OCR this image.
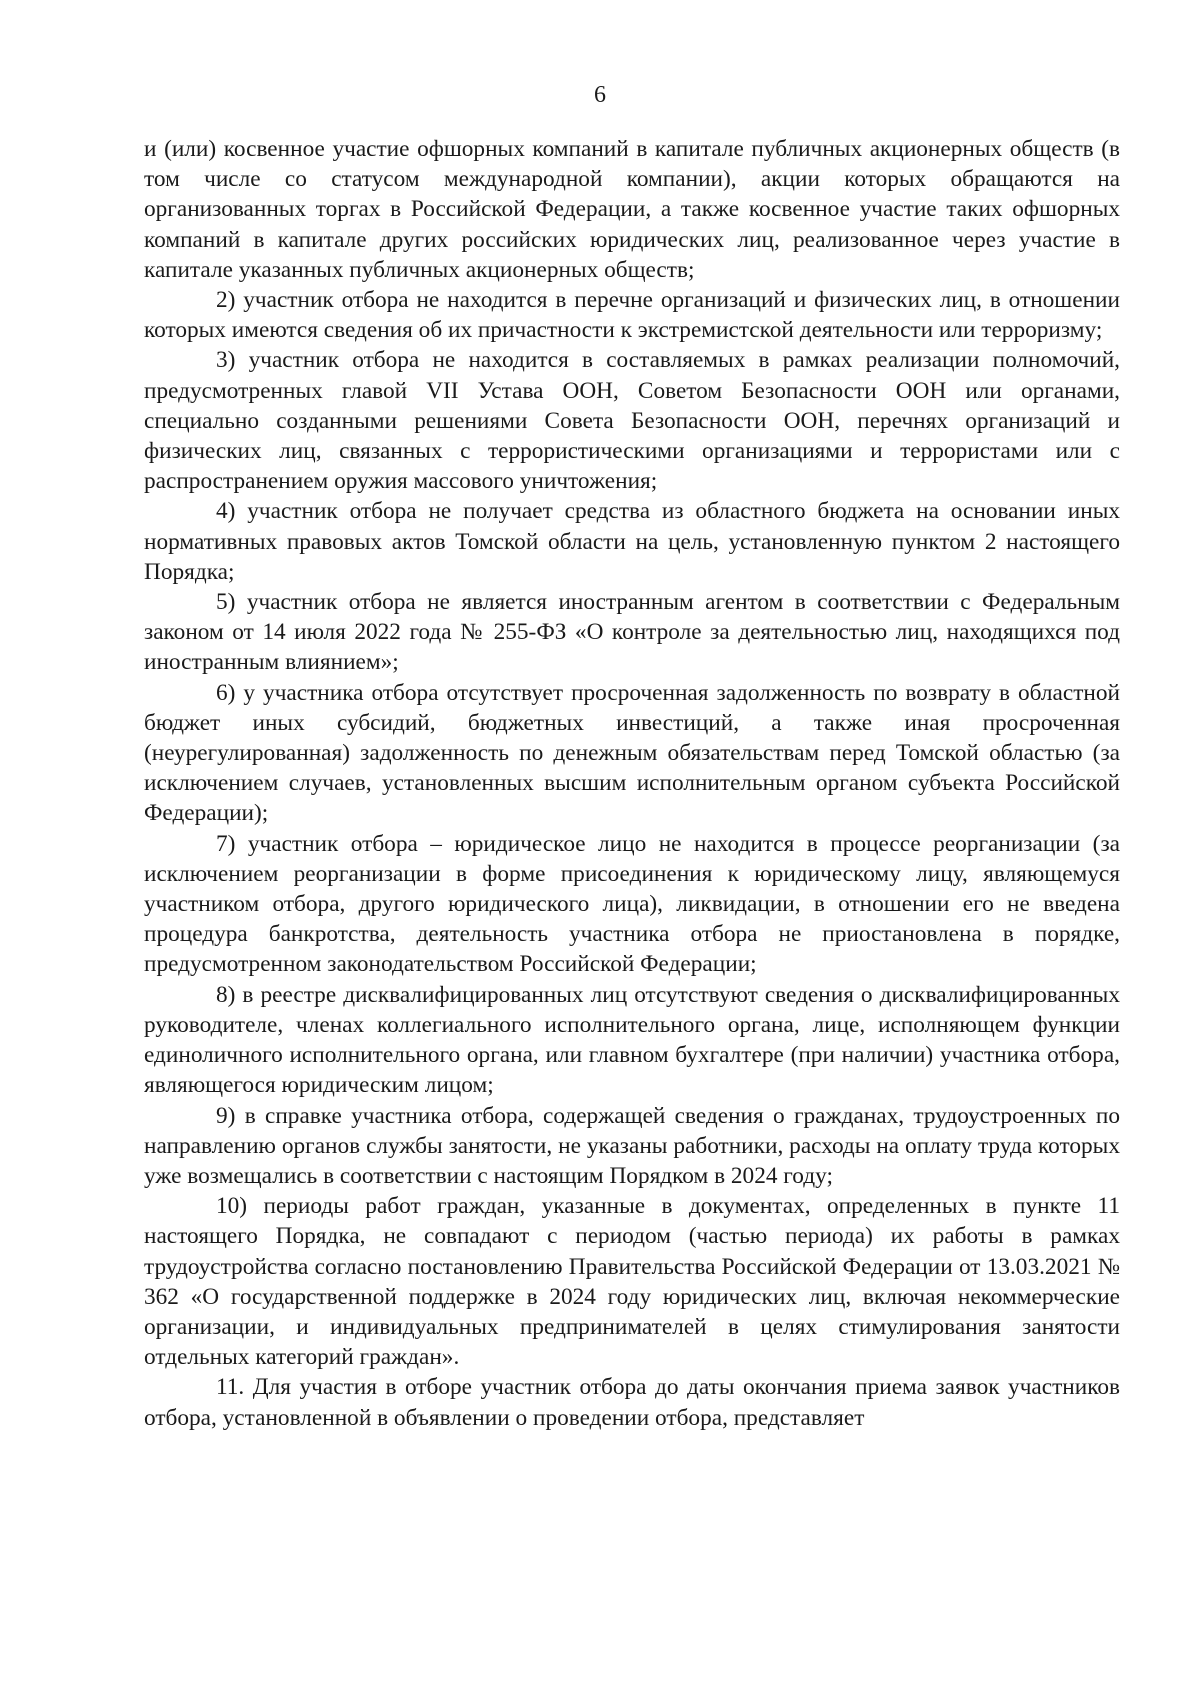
6

и (или) косвенное участие офшорных компаний в капитале публичных акционерных обществ (в том числе со статусом международной компании), акции которых обращаются на организованных торгах в Российской Федерации, а также косвенное участие таких офшорных компаний в капитале других российских юридических лиц, реализованное через участие в капитале указанных публичных акционерных обществ;

2) участник отбора не находится в перечне организаций и физических лиц, в отношении которых имеются сведения об их причастности к экстремистской деятельности или терроризму;

3) участник отбора не находится в составляемых в рамках реализации полномочий, предусмотренных главой VII Устава ООН, Советом Безопасности ООН или органами, специально созданными решениями Совета Безопасности ООН, перечнях организаций и физических лиц, связанных с террористическими организациями и террористами или с распространением оружия массового уничтожения;

4) участник отбора не получает средства из областного бюджета на основании иных нормативных правовых актов Томской области на цель, установленную пунктом 2 настоящего Порядка;

5) участник отбора не является иностранным агентом в соответствии с Федеральным законом от 14 июля 2022 года № 255-ФЗ «О контроле за деятельностью лиц, находящихся под иностранным влиянием»;

6) у участника отбора отсутствует просроченная задолженность по возврату в областной бюджет иных субсидий, бюджетных инвестиций, а также иная просроченная (неурегулированная) задолженность по денежным обязательствам перед Томской областью (за исключением случаев, установленных высшим исполнительным органом субъекта Российской Федерации);

7) участник отбора – юридическое лицо не находится в процессе реорганизации (за исключением реорганизации в форме присоединения к юридическому лицу, являющемуся участником отбора, другого юридического лица), ликвидации, в отношении его не введена процедура банкротства, деятельность участника отбора не приостановлена в порядке, предусмотренном законодательством Российской Федерации;

8) в реестре дисквалифицированных лиц отсутствуют сведения о дисквалифицированных руководителе, членах коллегиального исполнительного органа, лице, исполняющем функции единоличного исполнительного органа, или главном бухгалтере (при наличии) участника отбора, являющегося юридическим лицом;

9) в справке участника отбора, содержащей сведения о гражданах, трудоустроенных по направлению органов службы занятости, не указаны работники, расходы на оплату труда которых уже возмещались в соответствии с настоящим Порядком в 2024 году;

10) периоды работ граждан, указанные в документах, определенных в пункте 11 настоящего Порядка, не совпадают с периодом (частью периода) их работы в рамках трудоустройства согласно постановлению Правительства Российской Федерации от 13.03.2021 № 362 «О государственной поддержке в 2024 году юридических лиц, включая некоммерческие организации, и индивидуальных предпринимателей в целях стимулирования занятости отдельных категорий граждан».

11. Для участия в отборе участник отбора до даты окончания приема заявок участников отбора, установленной в объявлении о проведении отбора, представляет
